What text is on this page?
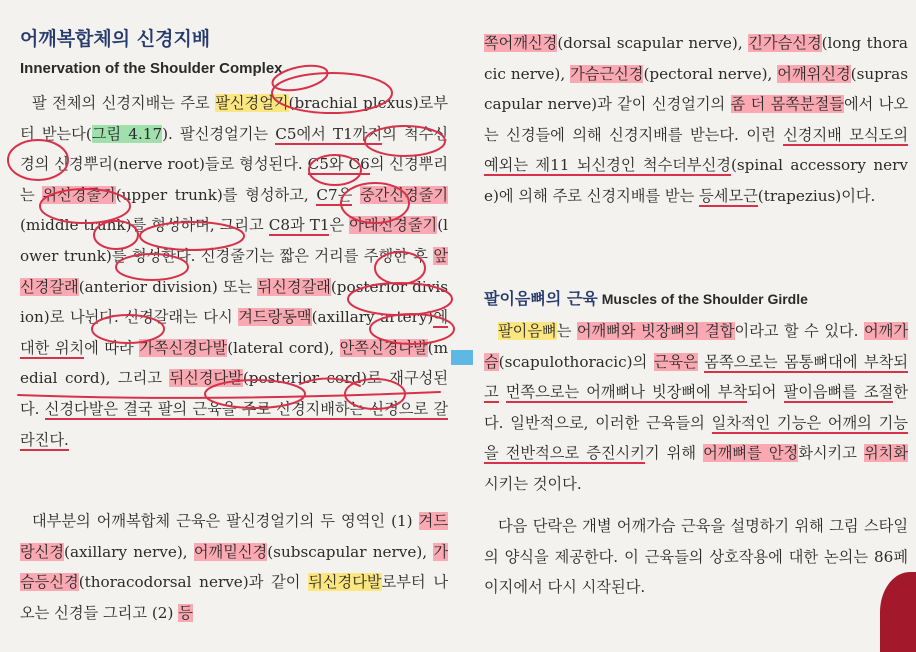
어깨복합체의 신경지배
Innervation of the Shoulder Complex
팔 전체의 신경지배는 주로 팔신경얼기(brachial plexus)로부터 받는다(그림 4.17). 팔신경얼기는 C5에서 T1까지의 척수신경의 신경뿌리(nerve root)들로 형성된다. C5와 C6의 신경뿌리는 위신경줄기(upper trunk)를 형성하고, C7은 중간신경줄기(middle trunk)를 형성하며, 그리고 C8과 T1은 아래신경줄기(lower trunk)를 형성한다. 신경줄기는 짧은 거리를 주행한 후 앞신경갈래(anterior division) 또는 뒤신경갈래(posterior division)로 나뉜다. 신경갈래는 다시 겨드랑동맥(axillary artery)에 대한 위치에 따라 가쪽신경다발(lateral cord), 안쪽신경다발(medial cord), 그리고 뒤신경다발(posterior cord)로 재구성된다. 신경다발은 결국 팔의 근육을 주로 신경지배하는 신경으로 갈라진다.
대부분의 어깨복합체 근육은 팔신경얼기의 두 영역인 (1) 겨드랑신경(axillary nerve), 어깨밑신경(subscapular nerve), 가슴등신경(thoracodorsal nerve)과 같이 뒤신경다발로부터 나오는 신경들 그리고 (2) 등
쪽어깨신경(dorsal scapular nerve), 긴가슴신경(long thoracic nerve), 가슴근신경(pectoral nerve), 어깨위신경(suprascapular nerve)과 같이 신경얼기의 좀 더 몸쪽분절들에서 나오는 신경들에 의해 신경지배를 받는다. 이런 신경지배 모식도의 예외는 제11 뇌신경인 척수더부신경(spinal accessory nerve)에 의해 주로 신경지배를 받는 등세모근(trapezius)이다.
팔이음뼈의 근육 Muscles of the Shoulder Girdle
팔이음뼈는 어깨뼈와 빗장뼈의 결합이라고 할 수 있다. 어깨가슴(scapulothoracic)의 근육은 몸쪽으로는 몸통뼈대에 부착되고 먼쪽으로는 어깨뼈나 빗장뼈에 부착되어 팔이음뼈를 조절한다. 일반적으로, 이러한 근육들의 일차적인 기능은 어깨의 기능을 전반적으로 증진시키기 위해 어깨뼈를 안정화시키고 위치화시키는 것이다.
다음 단락은 개별 어깨가슴 근육을 설명하기 위해 그림 스타일의 양식을 제공한다. 이 근육들의 상호작용에 대한 논의는 86페이지에서 다시 시작된다.
